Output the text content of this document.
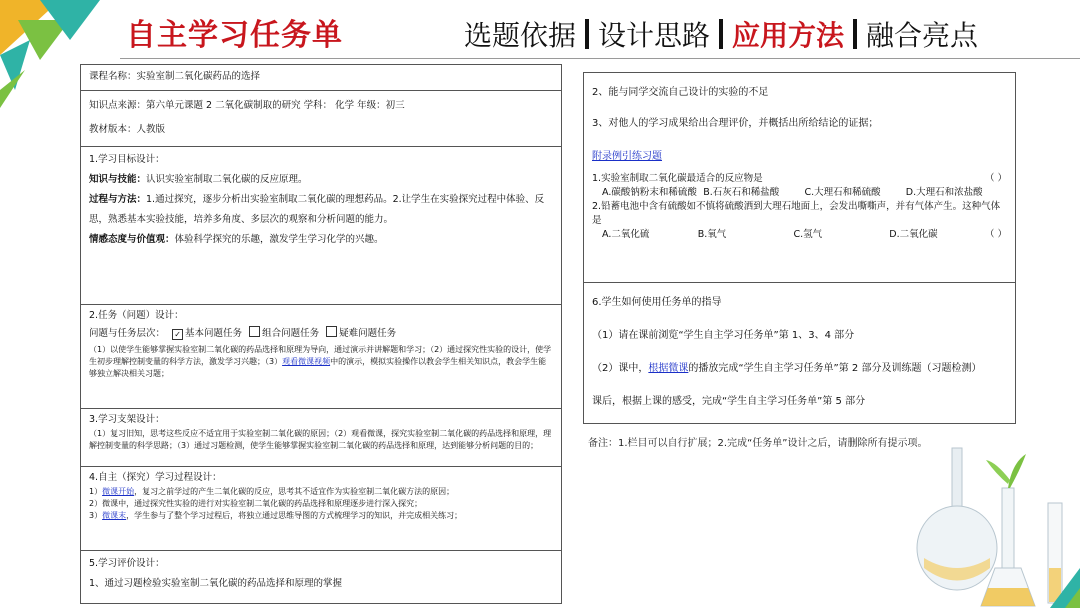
自主学习任务单	选题依据 设计思路 应用方法 融合亮点

课程名称：实验室制二氧化碳药品的选择

知识点来源：第六单元课题 2 二氧化碳制取的研究 学科： 化学 年级：初三

教材版本：人教版

1.学习目标设计：

知识与技能：认识实验室制取二氧化碳的反应原理。

过程与方法：1.通过探究，逐步分析出实验室制取二氧化碳的理想药品。2.让学生在实验探究过程中体验、反思，熟悉基本实验技能，培养多角度、多层次的观察和分析问题的能力。

情感态度与价值观：体验科学探究的乐趣，激发学生学习化学的兴趣。

2.任务（问题）设计：

问题与任务层次： ✓ 基本问题任务 组合问题任务 疑难问题任务

（1）以使学生能够掌握实验室制二氧化碳的药品选择和原理为导向，通过演示并讲解题和学习；（2）通过探究性实验的设计，使学生初步理解控制变量的科学方法，激发学习兴趣；（3）观看微课视频中的演示，模拟实验操作以教会学生相关知识点，教会学生能够独立解决相关习题；

3.学习支架设计：

（1）复习旧知，思考这些反应不适宜用于实验室制二氧化碳的原因；（2）观看微课，探究实验室制二氧化碳的药品选择和原理，理解控制变量的科学思路；（3）通过习题检测，使学生能够掌握实验室制二氧化碳的药品选择和原理，达到能够分析问题的目的；

4.自主（探究）学习过程设计：

1）微课开始，复习之前学过的产生二氧化碳的反应，思考其不适宜作为实验室制二氧化碳方法的原因；

2）微课中，通过探究性实验的进行对实验室制二氧化碳的药品选择和原理逐步进行深入探究；

3）微课末，学生参与了整个学习过程后，将独立通过思维导图的方式梳理学习的知识，并完成相关练习；

5.学习评价设计：

1、通过习题检验实验室制二氧化碳的药品选择和原理的掌握

2、能与同学交流自己设计的实验的不足

3、对他人的学习成果给出合理评价，并概括出所给结论的证据；

附录例引练习题

1.实验室制取二氧化碳最适合的反应物是	（ ）
A.碳酸钠粉末和稀硫酸 B.石灰石和稀盐酸	C.大理石和稀硫酸	D.大理石和浓盐酸
2.铅蓄电池中含有硫酸如不慎将硫酸洒到大理石地面上，会发出嘶嘶声，并有气体产生。这种气体是
A.二氧化硫	B.氧气	C.氢气	D.二氧化碳	（ ）

6.学生如何使用任务单的指导

（1）请在课前浏览“学生自主学习任务单”第 1、3、4 部分

（2）课中，根据微课的播放完成“学生自主学习任务单”第 2 部分及训练题（习题检测）

课后，根据上课的感受，完成“学生自主学习任务单”第 5 部分

备注：1.栏目可以自行扩展；2.完成“任务单”设计之后，请删除所有提示项。
